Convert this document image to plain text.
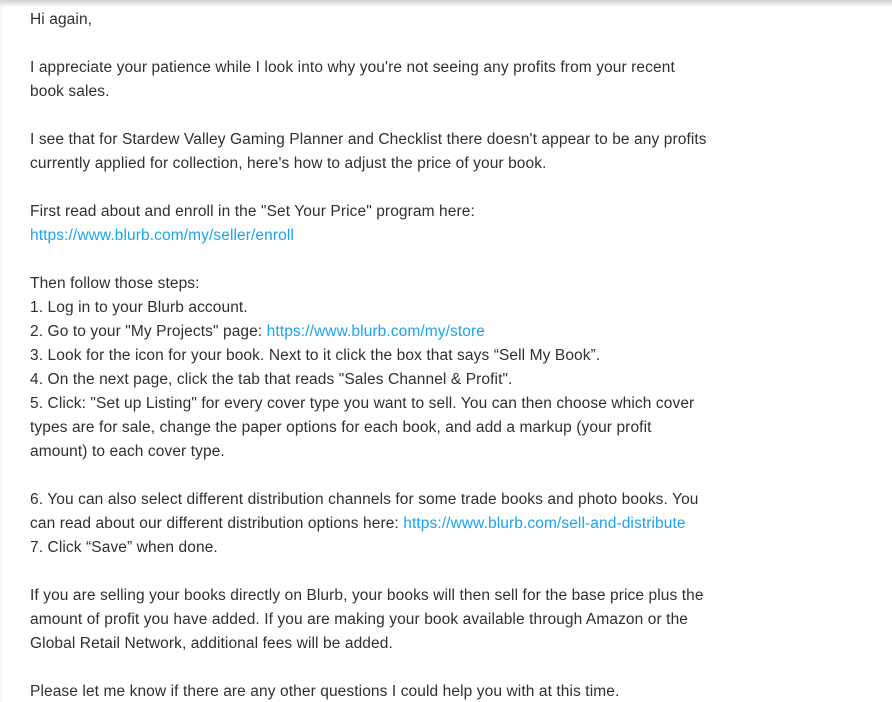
Hi again,
I appreciate your patience while I look into why you're not seeing any profits from your recent
book sales.
I see that for Stardew Valley Gaming Planner and Checklist there doesn't appear to be any profits
currently applied for collection, here's how to adjust the price of your book.
First read about and enroll in the "Set Your Price" program here:
https://www.blurb.com/my/seller/enroll
Then follow those steps:
1. Log in to your Blurb account.
2. Go to your "My Projects" page: https://www.blurb.com/my/store
3. Look for the icon for your book. Next to it click the box that says “Sell My Book”.
4. On the next page, click the tab that reads "Sales Channel & Profit".
5. Click: "Set up Listing" for every cover type you want to sell. You can then choose which cover
types are for sale, change the paper options for each book, and add a markup (your profit
amount) to each cover type.
6. You can also select different distribution channels for some trade books and photo books. You
can read about our different distribution options here: https://www.blurb.com/sell-and-distribute
7. Click “Save” when done.
If you are selling your books directly on Blurb, your books will then sell for the base price plus the
amount of profit you have added. If you are making your book available through Amazon or the
Global Retail Network, additional fees will be added.
Please let me know if there are any other questions I could help you with at this time.
